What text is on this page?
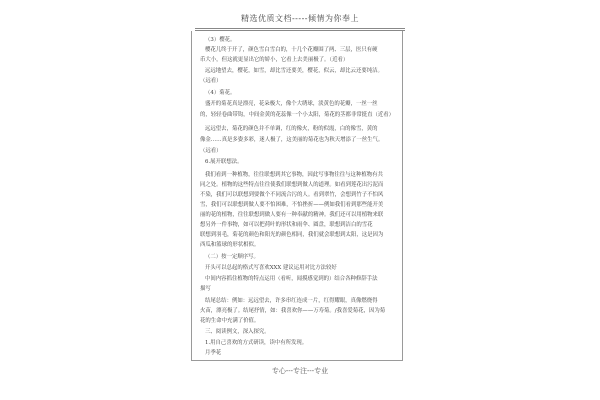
精选优质文档-----倾情为你奉上
（3）樱花。
樱花儿终于开了，颜色雪白雪白的，十几个花瓣围了两、三层，医只有硬
币大小，但这就更显出它的娇小，它看上去美丽极了。（近看）
远远地望去，樱花，如雪，却比雪还要美，樱花，似云，却比云还要纯洁。
（远看）
（4）菊花。
盛开的菊花真是漂亮，花朵极大，像个大绣球，淡黄色的花瓣，一丝一丝
的，轻轻卷曲带钩，中间金黄的花蕊像一个小太阳，菊花的茎都非常挺直（近看）
远远望去，菊花的颜色并不单调，红的像火，粉的似霞，白的像雪，黄的
像金……真是多姿多彩，迷人极了，这美丽的菊花也为秋天增添了一丝生气。
（远看）
6.展开联想法。
我们看到一种植物，往往联想到其它事物，因此写事物往往与这种植物有共
同之处。植物的这些特点往往使我们联想到做人的道理。如看到莲花出污泥而
不染，我们可以联想到要做个不同流合污的人。看到翠竹，会想到竹子不怕风
雪，我们可以联想到做人要不怕困难，不怕挫折——例如我们看到那些能开美
丽的花的植物，往往联想到做人要有一种奉献的精神。我们还可以用植物来联
想另外一件事物，如可以把荷叶的形状和雨伞、圆盘，联想到洁白的雪花
联想到羽毛，菊花的颜色和阳光的颜色相同，我们就会联想到太阳，这是因为
西瓜和篮球的形状相似。
（二）按一定顺序写。
开头可以总起的格式写喜欢XXX 建议运用对比方法较好
中间内容抓住植物的特点运用（看听，闻摸感觉到的）结合各种修辞手法
描写
结尾总结：例如：远远望去，许多串红连成一片，红得耀眼，真像燃烧得
火苗，漂亮极了。结尾抒情，如：我喜欢你——万寿菊。/我喜爱菊花，因为菊
花的生命中充满了价值。
三、阅读例文，深入探究。
1.用自己喜欢的方式研读，读中有所发现。
月季花
专心---专注---专业
